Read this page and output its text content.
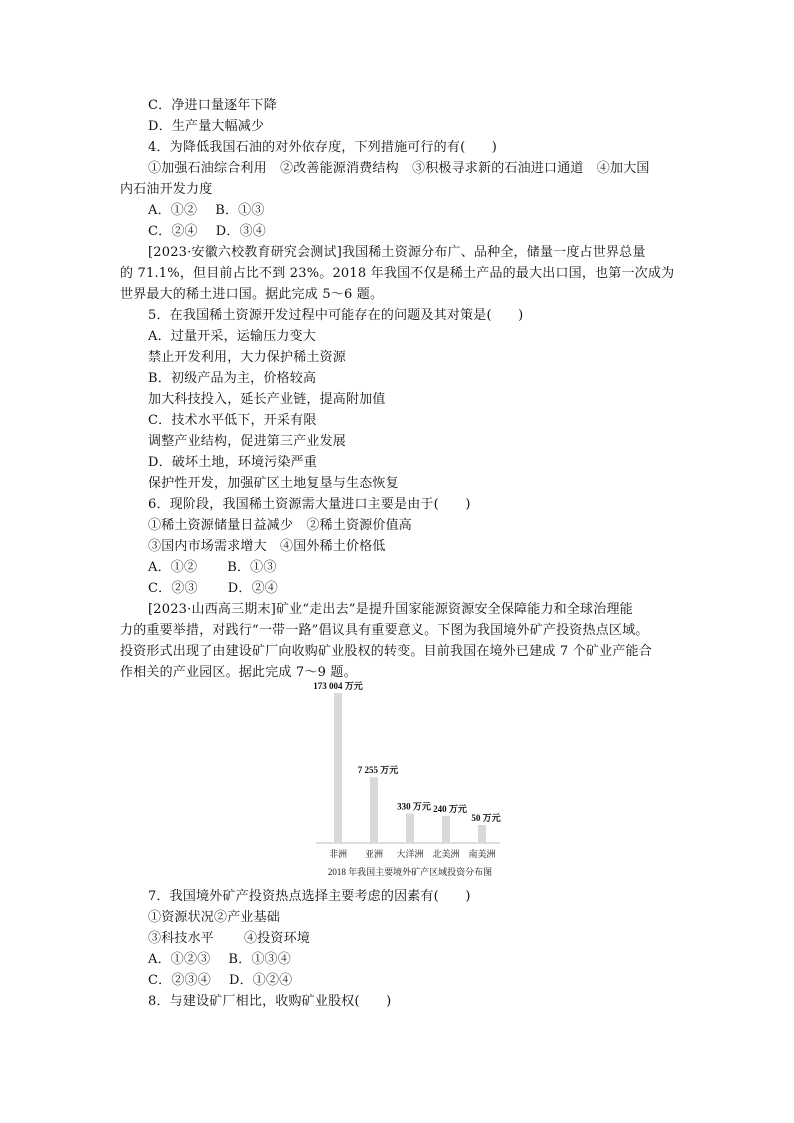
C．净进口量逐年下降
D．生产量大幅减少
4．为降低我国石油的对外依存度，下列措施可行的有(　　)
①加强石油综合利用　②改善能源消费结构　③积极寻求新的石油进口通道　④加大国
内石油开发力度
A．①② B．①③
C．②④ D．③④
[2023·安徽六校教育研究会测试]我国稀土资源分布广、品种全，储量一度占世界总量
的 71.1%，但目前占比不到 23%。2018 年我国不仅是稀土产品的最大出口国，也第一次成为
世界最大的稀土进口国。据此完成 5～6 题。
5．在我国稀土资源开发过程中可能存在的问题及其对策是(　　)
A．过量开采，运输压力变大
禁止开发利用，大力保护稀土资源
B．初级产品为主，价格较高
加大科技投入，延长产业链，提高附加值
C．技术水平低下，开采有限
调整产业结构，促进第三产业发展
D．破坏土地，环境污染严重
保护性开发，加强矿区土地复垦与生态恢复
6．现阶段，我国稀土资源需大量进口主要是由于(　　)
①稀土资源储量日益减少　②稀土资源价值高
③国内市场需求增大　④国外稀土价格低
A．①② B．①③
C．②③ D．②④
[2023·山西高三期末]矿业“走出去”是提升国家能源资源安全保障能力和全球治理能
力的重要举措，对践行“一带一路”倡议具有重要意义。下图为我国境外矿产投资热点区域。
投资形式出现了由建设矿厂向收购矿业股权的转变。目前我国在境外已建成 7 个矿业产能合
作相关的产业园区。据此完成 7～9 题。
2018 年我国主要境外矿产区域投资分布图
173 004 万元
非洲
7 255 万元
亚洲
330 万元
大洋洲
240 万元
北美洲
50 万元
南美洲
7．我国境外矿产投资热点选择主要考虑的因素有(　　)
①资源状况②产业基础
③科技水平 ④投资环境
A．①②③ B．①③④
C．②③④ D．①②④
8．与建设矿厂相比，收购矿业股权(　　)
